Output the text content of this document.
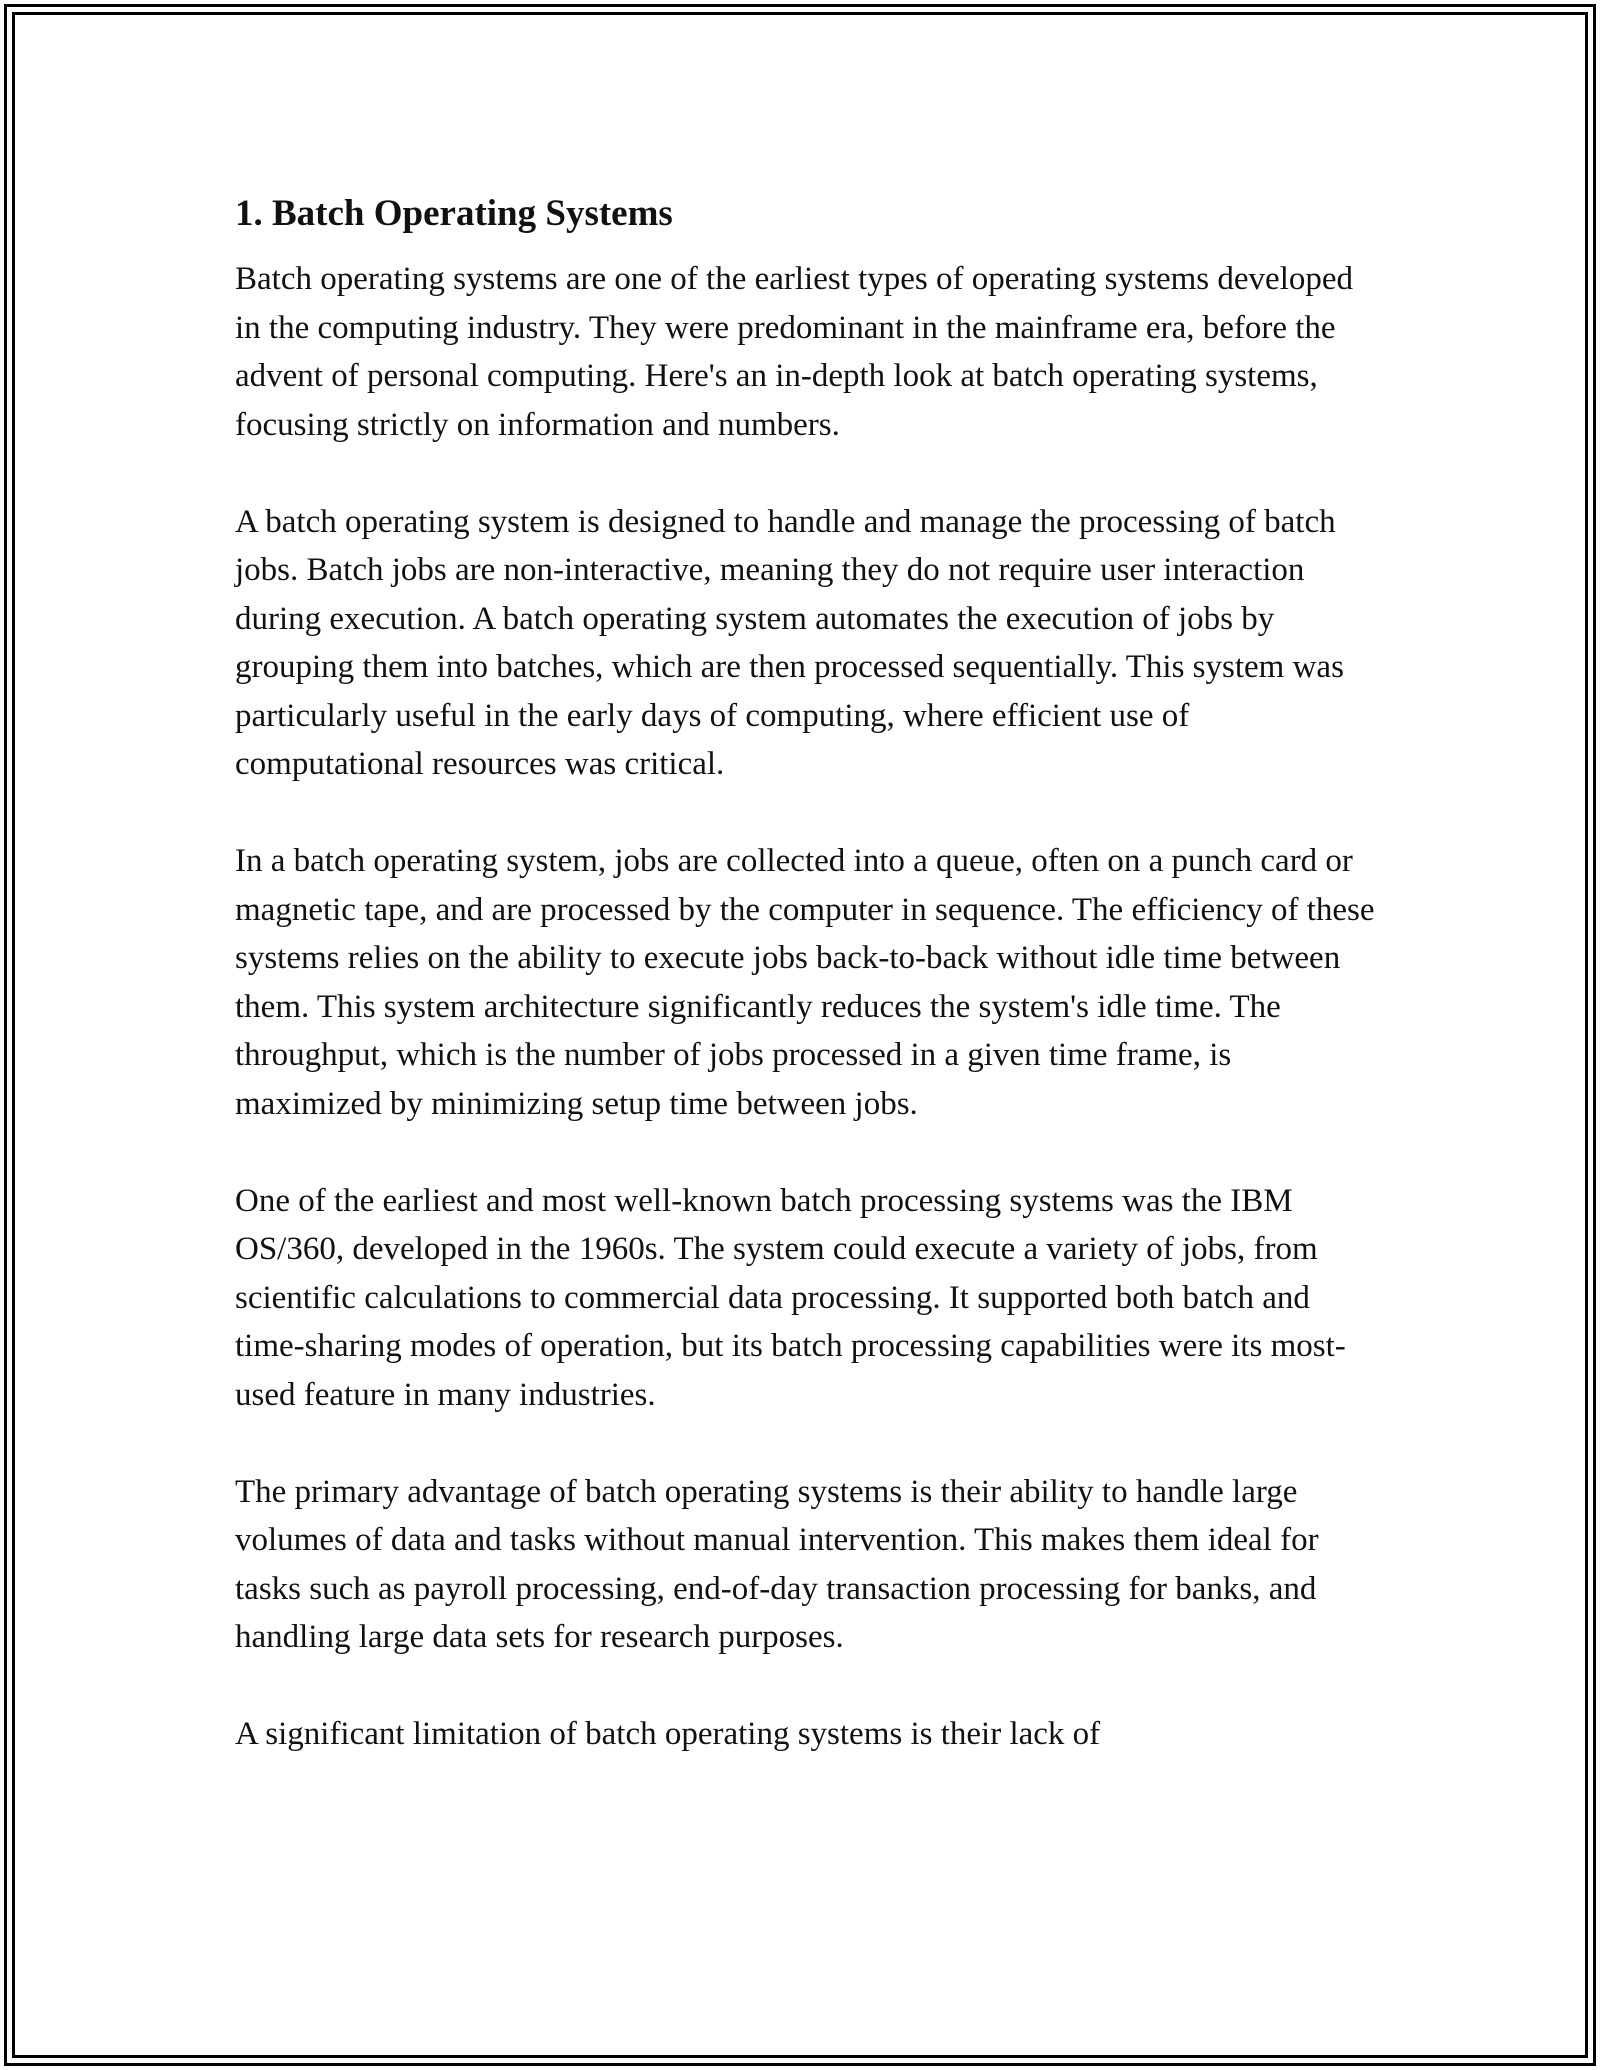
1. Batch Operating Systems

Batch operating systems are one of the earliest types of operating systems developed in the computing industry. They were predominant in the mainframe era, before the advent of personal computing. Here's an in-depth look at batch operating systems, focusing strictly on information and numbers.

A batch operating system is designed to handle and manage the processing of batch jobs. Batch jobs are non-interactive, meaning they do not require user interaction during execution. A batch operating system automates the execution of jobs by grouping them into batches, which are then processed sequentially. This system was particularly useful in the early days of computing, where efficient use of computational resources was critical.

In a batch operating system, jobs are collected into a queue, often on a punch card or magnetic tape, and are processed by the computer in sequence. The efficiency of these systems relies on the ability to execute jobs back-to-back without idle time between them. This system architecture significantly reduces the system's idle time. The throughput, which is the number of jobs processed in a given time frame, is maximized by minimizing setup time between jobs.

One of the earliest and most well-known batch processing systems was the IBM OS/360, developed in the 1960s. The system could execute a variety of jobs, from scientific calculations to commercial data processing. It supported both batch and time-sharing modes of operation, but its batch processing capabilities were its most-used feature in many industries.

The primary advantage of batch operating systems is their ability to handle large volumes of data and tasks without manual intervention. This makes them ideal for tasks such as payroll processing, end-of-day transaction processing for banks, and handling large data sets for research purposes.

A significant limitation of batch operating systems is their lack of
